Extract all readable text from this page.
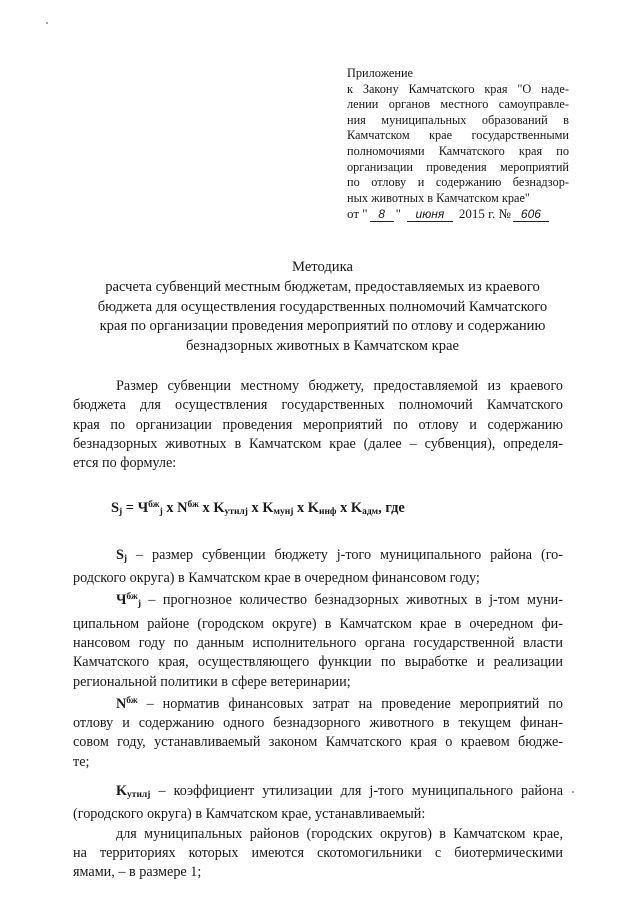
Приложение
к Закону Камчатского края "О наде-
лении органов местного самоуправле-
ния муниципальных образований в
Камчатском крае государственными
полномочиями Камчатского края по
организации проведения мероприятий
по отлову и содержанию безнадзор-
ных животных в Камчатском крае"
от " 8 "	июня	2015 г. № 606
Методика
расчета субвенций местным бюджетам, предоставляемых из краевого
бюджета для осуществления государственных полномочий Камчатского
края по организации проведения мероприятий по отлову и содержанию
безнадзорных животных в Камчатском крае
Размер субвенции местному бюджету, предоставляемой из краевого
бюджета для осуществления государственных полномочий Камчатского
края по организации проведения мероприятий по отлову и содержанию
безнадзорных животных в Камчатском крае (далее – субвенция), определя-
ется по формуле:
$S_j = Ч^{бж}_j$ x $N^{бж}$ x $K_{утилj}$ x $K_{мунj}$ x $K_{инф}$ x $K_{адм}$, где
$S_j$ – размер субвенции бюджету j-того муниципального района (го-
родского округа) в Камчатском крае в очередном финансовом году;
$Ч^{бж}_j$ – прогнозное количество безнадзорных животных в j-том муни-
ципальном районе (городском округе) в Камчатском крае в очередном фи-
нансовом году по данным исполнительного органа государственной власти
Камчатского края, осуществляющего функции по выработке и реализации
региональной политики в сфере ветеринарии;
$N^{бж}$ – норматив финансовых затрат на проведение мероприятий по
отлову и содержанию одного безнадзорного животного в текущем финан-
совом году, устанавливаемый законом Камчатского края о краевом бюдже-
те;
$K_{утилj}$ – коэффициент утилизации для j-того муниципального района
(городского округа) в Камчатском крае, устанавливаемый:
для муниципальных районов (городских округов) в Камчатском крае,
на территориях которых имеются скотомогильники с биотермическими
ямами, – в размере 1;
